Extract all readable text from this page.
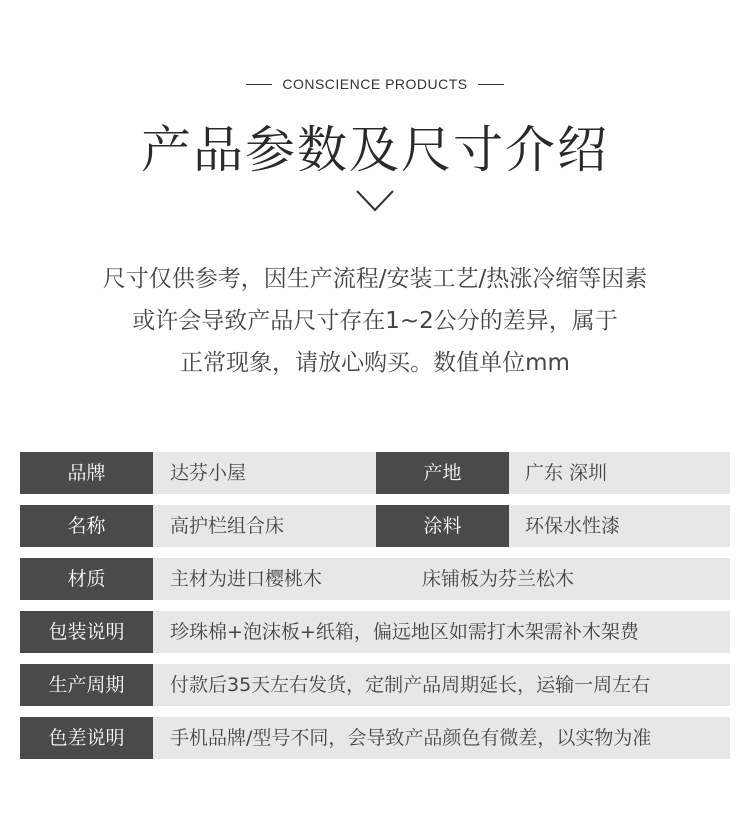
CONSCIENCE PRODUCTS
产品参数及尺寸介绍
尺寸仅供参考，因生产流程/安装工艺/热涨冷缩等因素
或许会导致产品尺寸存在1~2公分的差异，属于
正常现象，请放心购买。数值单位mm
品牌	达芬小屋	产地	广东 深圳
名称	高护栏组合床	涂料	环保水性漆
材质	主材为进口樱桃木	床铺板为芬兰松木
包装说明	珍珠棉+泡沫板+纸箱，偏远地区如需打木架需补木架费
生产周期	付款后35天左右发货，定制产品周期延长，运输一周左右
色差说明	手机品牌/型号不同，会导致产品颜色有微差，以实物为准
